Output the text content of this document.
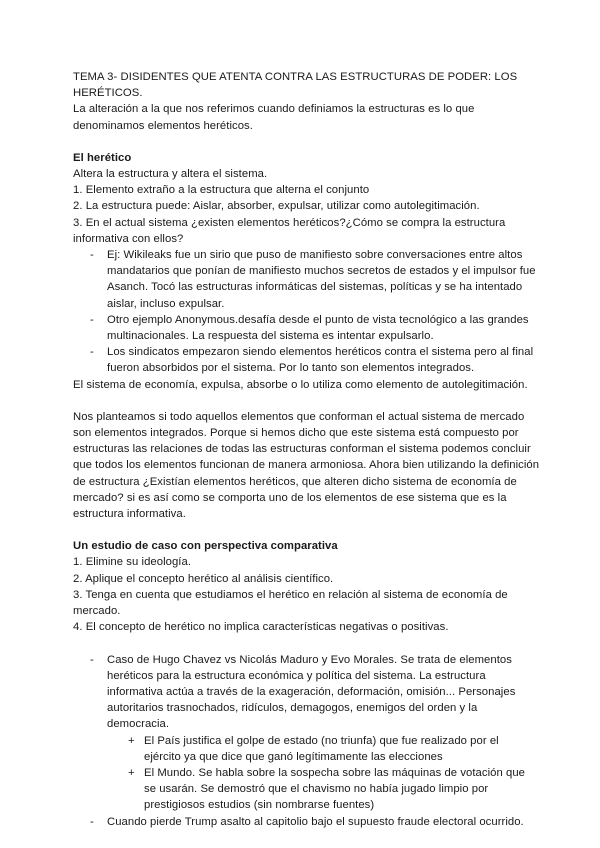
TEMA 3- DISIDENTES QUE ATENTA CONTRA LAS ESTRUCTURAS DE PODER: LOS
HERÉTICOS.
La alteración a la que nos referimos cuando definiamos la estructuras es lo que
denominamos elementos heréticos.
El herético
Altera la estructura y altera el sistema.
1. Elemento extraño a la estructura que alterna el conjunto
2. La estructura puede: Aislar, absorber, expulsar, utilizar como autolegitimación.
3. En el actual sistema ¿existen elementos heréticos?¿Cómo se compra la estructura
informativa con ellos?
- Ej: Wikileaks fue un sirio que puso de manifiesto sobre conversaciones entre altos
mandatarios que ponían de manifiesto muchos secretos de estados y el impulsor fue
Asanch. Tocó las estructuras informáticas del sistemas, políticas y se ha intentado
aislar, incluso expulsar.
- Otro ejemplo Anonymous.desafía desde el punto de vista tecnológico a las grandes
multinacionales. La respuesta del sistema es intentar expulsarlo.
- Los sindicatos empezaron siendo elementos heréticos contra el sistema pero al final
fueron absorbidos por el sistema. Por lo tanto son elementos integrados.
El sistema de economía, expulsa, absorbe o lo utiliza como elemento de autolegitimación.
Nos planteamos si todo aquellos elementos que conforman el actual sistema de mercado
son elementos integrados. Porque si hemos dicho que este sistema está compuesto por
estructuras las relaciones de todas las estructuras conforman el sistema podemos concluir
que todos los elementos funcionan de manera armoniosa. Ahora bien utilizando la definición
de estructura ¿Existían elementos heréticos, que alteren dicho sistema de economía de
mercado? si es así como se comporta uno de los elementos de ese sistema que es la
estructura informativa.
Un estudio de caso con perspectiva comparativa
1. Elimine su ideología.
2. Aplique el concepto herético al análisis científico.
3. Tenga en cuenta que estudiamos el herético en relación al sistema de economía de
mercado.
4. El concepto de herético no implica características negativas o positivas.
- Caso de Hugo Chavez vs Nicolás Maduro y Evo Morales. Se trata de elementos
heréticos para la estructura económica y política del sistema. La estructura
informativa actúa a través de la exageración, deformación, omisión... Personajes
autoritarios trasnochados, ridículos, demagogos, enemigos del orden y la
democracia.
+ El País justifica el golpe de estado (no triunfa) que fue realizado por el
ejército ya que dice que ganó legítimamente las elecciones
+ El Mundo. Se habla sobre la sospecha sobre las máquinas de votación que
se usarán. Se demostró que el chavismo no había jugado limpio por
prestigiosos estudios (sin nombrarse fuentes)
- Cuando pierde Trump asalto al capitolio bajo el supuesto fraude electoral ocurrido.
